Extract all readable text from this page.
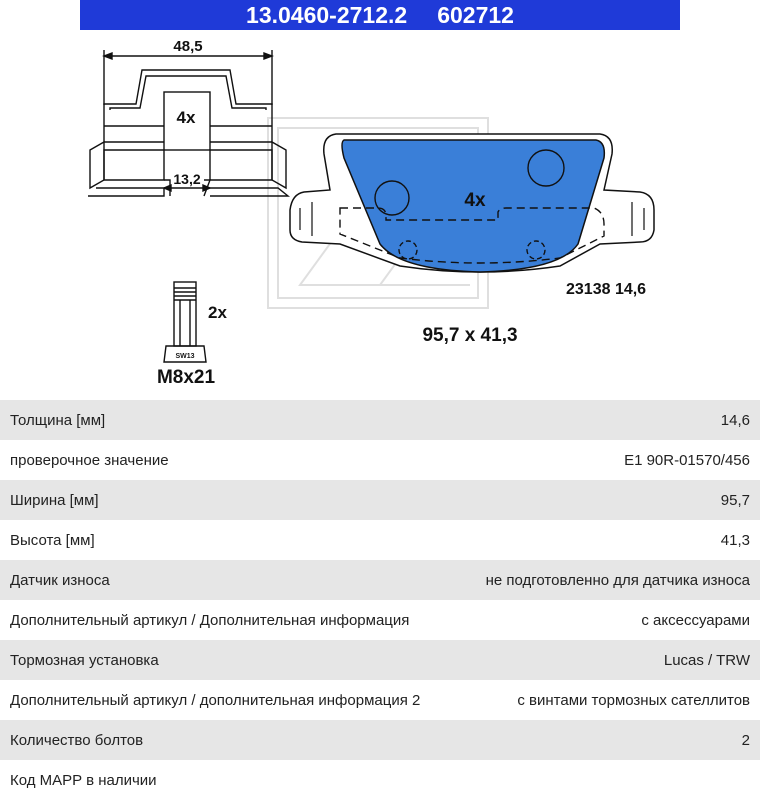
13.0460-2712.2 602712
48,5
4x
13,2
SW13
2x
M8x21
4x
23138 14,6
95,7 x 41,3
Толщина [мм]	14,6
проверочное значение	E1 90R-01570/456
Ширина [мм]	95,7
Высота [мм]	41,3
Датчик износа	не подготовленно для датчика износа
Дополнительный артикул / Дополнительная информация	с аксессуарами
Тормозная установка	Lucas / TRW
Дополнительный артикул / дополнительная информация 2	с винтами тормозных сателлитов
Количество болтов	2
Код MAPP в наличии
